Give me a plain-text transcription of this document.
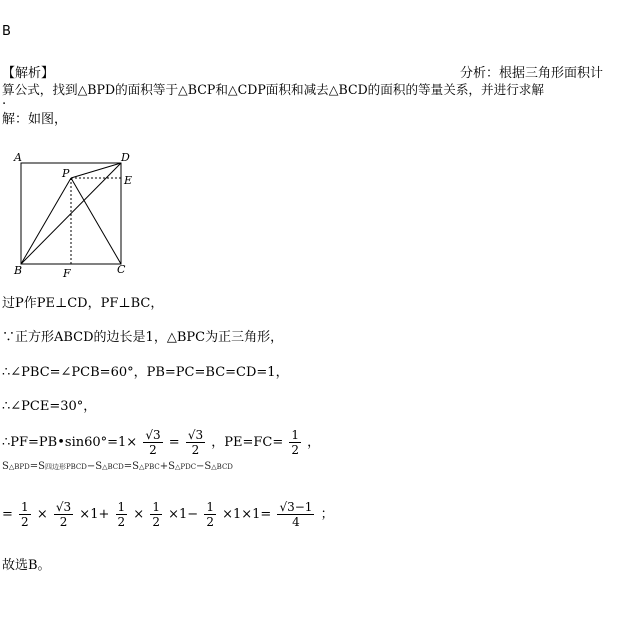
B
【解析】	分析：根据三角形面积计
算公式，找到△BPD的面积等于△BCP和△CDP面积和减去△BCD的面积的等量关系，并进行求解
.
解：如图，
A	D
P
E
B	F	C
过P作PE⊥CD，PF⊥BC，
∵正方形ABCD的边长是1，△BPC为正三角形，
∴∠PBC=∠PCB=60°，PB=PC=BC=CD=1，
∴∠PCE=30°，
∴PF=PB•sin60°=1× $\frac{√3}{2} = \frac{√3}{2}$ ，$PE=FC= \frac{1}{2}$ ，
S△BPD=S四边形PBCD−S△BCD=S△PBC+S△PDC−S△BCD
= $\frac{1}{2} \times \frac{√3}{2} \times 1+ \frac{1}{2} \times \frac{1}{2} \times 1- \frac{1}{2} \times 1\times 1= \frac{√3-1}{4}$ ；
故选B。
